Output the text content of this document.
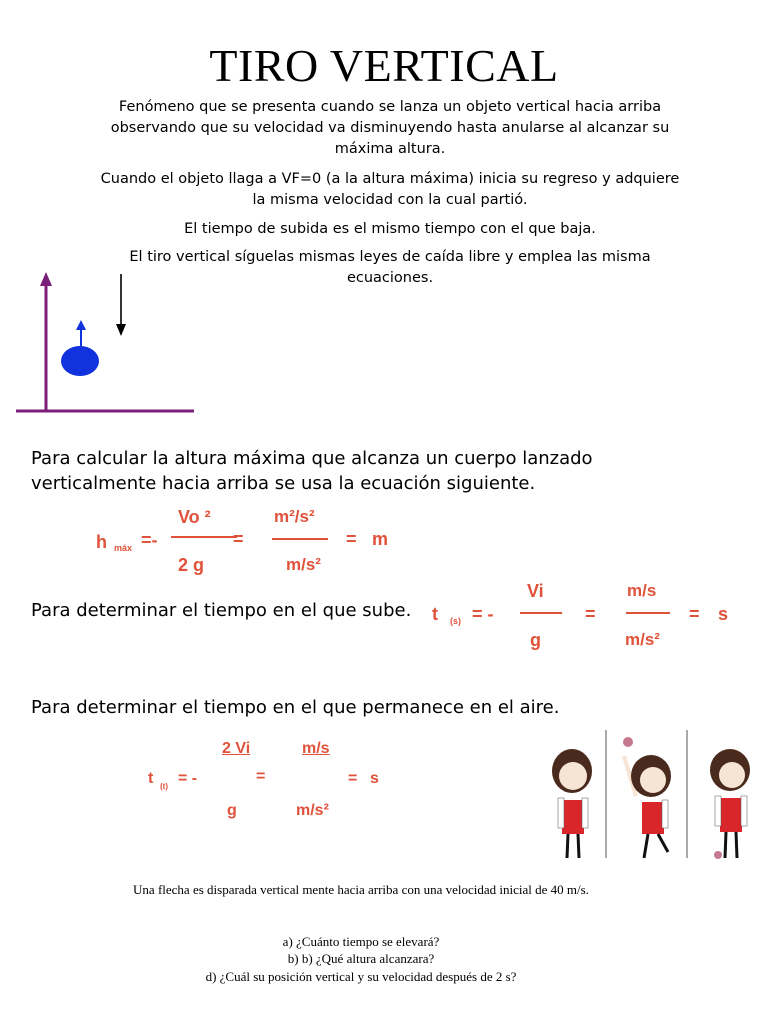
TIRO VERTICAL
Fenómeno que se presenta cuando se lanza un objeto vertical hacia arriba observando que su velocidad va disminuyendo hasta anularse al alcanzar su máxima altura.
Cuando el objeto llaga a VF=0 (a la altura máxima) inicia su regreso y adquiere la misma velocidad con la cual partió.
El tiempo de subida es el mismo tiempo con el que baja.
El tiro vertical síguelas mismas leyes de caída libre y emplea las misma ecuaciones.
Para calcular la altura máxima que alcanza un cuerpo lanzado verticalmente hacia arriba se usa la ecuación siguiente.
h máx =-
Vo ²
2 g
=
m²/s²
m/s²
= m
Para determinar el tiempo en el que sube.	t (s) = -
Vi
g
=
m/s
m/s²
= s
Para determinar el tiempo en el que permanece en el aire.
t (t) = -
2 Vi
g
=
m/s
m/s²
= s
Una flecha es disparada vertical mente hacia arriba con una velocidad inicial de 40 m/s.
a) ¿Cuánto tiempo se elevará?
b) b) ¿Qué altura alcanzara?
d) ¿Cuál su posición vertical y su velocidad después de 2 s?
